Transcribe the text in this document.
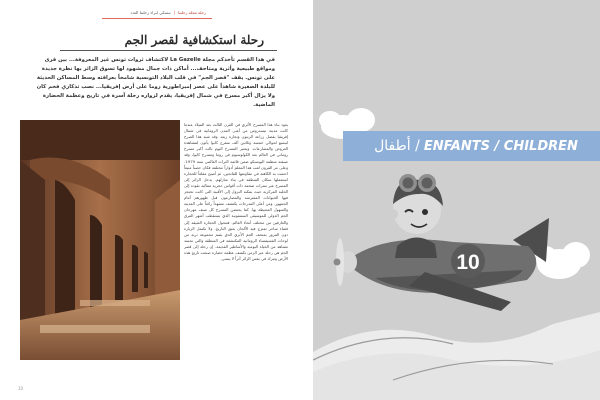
تنسكي لبراء رحلتنا العدد | رحلة مجلة رحلتنا
رحلة استكشافية لقصر الجم
في هذا القسم تأخذكم مجلة La Gazelle لاكتشاف ثروات تونس غير المعروفة... بين قرى ومواقع طبيعية وأثرية ومتاحف... أماكن ذات جمال مشهود لها تسوق الزائر بها نظرة جديدة على تونس. يقف "قصر الجم" في قلب البلاد التونسية شامخاً بعراقته وسط المساكن الحديثة للبلدة الصغيرة شاهداً على عصر إمبراطورية روما على أرض إفريقيا... نصب تذكاري فخم كان ولا يزال أكبر مسرح في شمال إفريقيا، يقدم لزواره رحلة آسرة في تاريخ وعظمة الحضارة الماضية.
يعود بناء هذا المسرح الأثري في القرن الثالث بعد الميلاد عندما كانت مدينة تيسدروس من أغنى المدن الرومانية في شمال إفريقيا بفضل زراعة الزيتون وتجارة زيته. وقد شيد هذا الصرح ليتسع لحوالي خمسة وثلاثين ألف متفرج كانوا يأتون لمشاهدة العروض والمصارعات. ويعتبر المسرح اليوم ثالث أكبر مسرح روماني في العالم بعد الكولوسيوم في روما ومسرح كابوا، وقد صنفته منظمة اليونسكو ضمن قائمة التراث العالمي سنة 1979. وعلى مر القرون لعب هذا المعلم أدواراً مختلفة فكان حصناً منيعاً احتمت به الكاهنة في مقاومتها للفاتحين، ثم أصبح مقلعاً للحجارة استعملها سكان المنطقة في بناء منازلهم. يدخل الزائر إلى المسرح عبر ممرات ضخمة ذات أقواس حجرية متتالية تقوده إلى الحلبة المركزية حيث يمكنه النزول إلى الأقبية التي كانت تحتجز فيها الحيوانات المفترسة والمصارعون قبل ظهورهم أمام الجمهور. ومن أعلى المدرجات يكتشف مشهداً رائعاً على المدينة والسهول المحيطة بها. كما يحتضن المسرح كل صيف مهرجان الجم الدولي للموسيقى السمفونية الذي يستقطب أشهر الفرق والعازفين من مختلف أنحاء العالم، فتتحول الحجارة العتيقة إلى فضاء ساحر تمتزج فيه الألحان بعبق التاريخ. ولا تكتمل الزيارة دون المرور بمتحف الجم الأثري الذي يضم مجموعة ثرية من لوحات الفسيفساء الرومانية المكتشفة في المنطقة والتي تجسد مشاهد من الحياة اليومية والأساطير القديمة. إن رحلة إلى قصر الجم هي رحلة عبر الزمن تكشف عظمة حضارة صنعت تاريخ هذه الأرض وتترك في نفس الزائر أثراً لا ينسى.
10
10
أطفال / ENFANTS / CHILDREN
